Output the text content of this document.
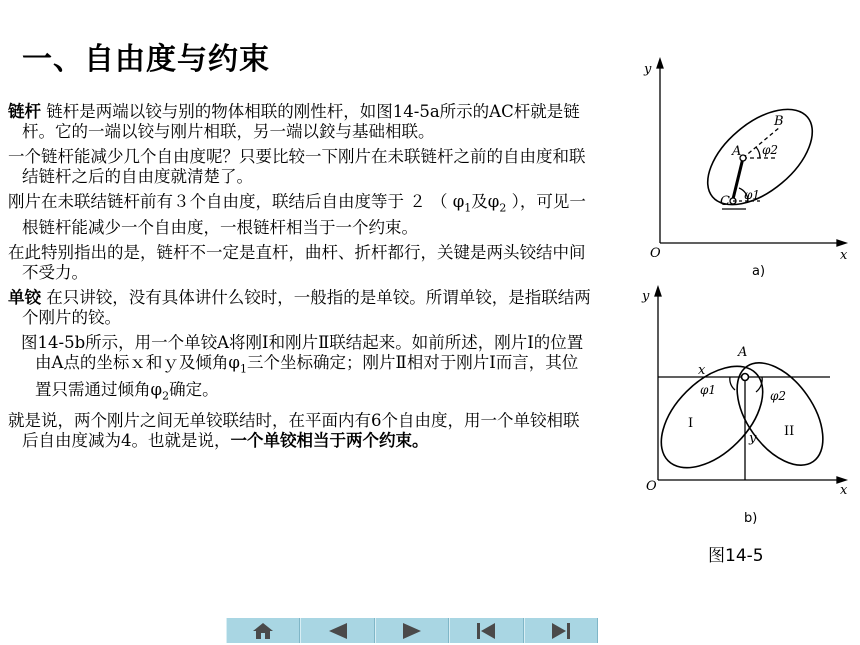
一、自由度与约束

链杆 链杆是两端以铰与别的物体相联的刚性杆，如图14-5a所示的AC杆就是链杆。它的一端以铰与刚片相联，另一端以鉸与基础相联。

一个链杆能减少几个自由度呢？只要比较一下刚片在未联链杆之前的自由度和联结链杆之后的自由度就清楚了。

刚片在未联结链杆前有３个自由度，联结后自由度等于 ２ （ $\varphi_1$及$\varphi_2$ ），可见一根链杆能减少一个自由度，一根链杆相当于一个约束。

在此特别指出的是，链杆不一定是直杆，曲杆、折杆都行，关键是两头铰结中间不受力。

单铰 在只讲铰，没有具体讲什么铰时，一般指的是单铰。所谓单铰，是指联结两个刚片的铰。

图14-5b所示，用一个单铰A将刚Ⅰ和刚片Ⅱ联结起来。如前所述，刚片Ⅰ的位置由A点的坐标ｘ和ｙ及倾角$\varphi_1$三个坐标确定；刚片Ⅱ相对于刚片Ⅰ而言，其位置只需通过倾角$\varphi_2$确定。

就是说，两个刚片之间无单铰联结时，在平面内有6个自由度，用一个单铰相联后自由度减为4。也就是说，一个单铰相当于两个约束。

y
x
O
A
B
C
φ2
φ1
a)
y
x
O
A
x
y
φ1	φ2
I
II
b)
图14-5
